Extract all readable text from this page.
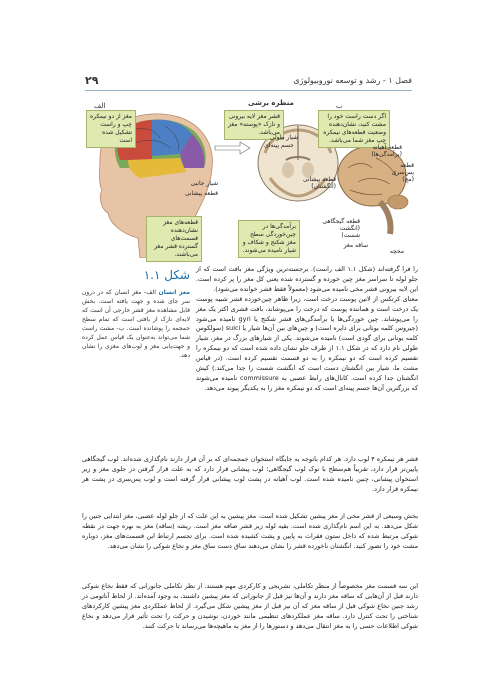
فصل ۱ - رشد و توسعه نوروبیولوژی
۲۹
الف	ب
مغز از دو نیمکره چپ و راست تشکیل شده است
قطعه‌های مغز نشان‌دهنده قسمت‌های گسترده قشر مغز می‌باشند.
شیار جانبی
قطعه پیشانی
منظره برشی
قشر مغز لایه بیرونی و نازک «پوسته» مغز می‌باشد.
برآمدگی‌ها در چین‌خوردگی سطح مغز شکنج و شکاف و شیار نامیده می‌شوند.
جسم پینه‌ای
شیار طولی
اگر دست راست خود را مشت کنید، نشان‌دهنده وضعیت قطعه‌های نیمکره چپ مغز شما می‌باشد.
قطعه آهیانه (برآمدگی‌ها)
قطعه پیشانی (انگشتان)
قطعه پس‌سری (مچ)
قطعه گیجگاهی (انگشت شست)
ساقه مغز
مخچه
شکل ۱.۱
مغز انسان الف- مغز انسان که در درون سر جای شده و جهت یافته است. بخش قابل مشاهده مغز قشر خارجی آن است که لایه‌ای نازک از بافتی است که تمام سطح جمجمه را پوشانده است. ب- مشت راست شما می‌تواند به‌عنوان یک قیاس عمل کرده و جهت‌یابی مغز و لوب‌های مغزی را نشان دهد.

را فرا گرفته‌اند (شکل ۱.۱ الف راست). برجسته‌ترین ویژگی مغز بافت است که از جلو لوله تا سراسر مغز چین خورده و گسترده شده یعنی کل مغز را پر کرده است. این لایه بیرونی قشر مخی نامیده می‌شود (معمولاً فقط قشر خوانده می‌شود).

معنای کرتکس از لاتین پوست درخت است، زیرا ظاهر چین‌خورده قشر شبیه پوست یک درخت است و هماننده پوست که درخت را می‌پوشاند، بافت قشری اکثر یک مغز را می‌پوشاند. چین خوردگی‌ها یا برآمدگی‌های قشر شکنج یا gyri نامیده می‌شود (جیروس کلمه یونانی برای دایره است) و چین‌های بین آن‌ها شیار یا sulci (سولکوس کلمه یونانی برای گودی است) نامیده می‌شوند. یکی از شیارهای بزرگ در مغز، شیار طولی نام دارد که در شکل ۱.۱ از طرف جلو نشان داده شده است که دو نیمکره را تقسیم کرده است که دو نیمکره را به دو قسمت تقسیم کرده است. (در قیاس مشت ما، شیار بین انگشتان دست است که انگشت شست را جدا می‌کند.) کیش انگشتان جدا کرده است. کانال‌های رابط عصبی به commissure نامیده می‌شوند که بزرگترین آن‌ها جسم پینه‌ای است که دو نیمکره مغز را به یکدیگر پیوند می‌دهد.

قشر هر نیمکره ۴ لوب دارد. هر کدام باتوجه به جایگاه استخوان جمجمه‌ای که بر آن قرار دارند نام‌گذاری شده‌اند. لوب گیجگاهی پایین‌تر قرار دارد، تقریباً هم‌سطح با نوک لوب گیجگاهی؛ لوب پیشانی قرار دارد که به علت قرار گرفتن در جلوی مغز و زیر استخوان پیشانی، چنین نامیده شده است. لوب آهیانه در پشت لوب پیشانی قرار گرفته است و لوب پس‌سری در پشت هر نیمکره قرار دارد.

بخش وسیعی از قشر مخی از مغز پیشین تشکیل شده است. مغز پیشین به این علت که از جلو لوله عصبی، مغز ابتدایی جنین را شکل می‌دهد. به این اسم نام‌گذاری شده است. بقیه لوله زیر قشر صافه مغز است. ریشه (ساقه) مغز به نهره جهت در نقطه شوکی مرتبط شده که داخل ستون فقرات به پایین و پشت کشیده شده است. برای تجسم ارتباط این قسمت‌های مغز، دوباره مشت خود را تصور کنید. انگشتان ناخورده قشر را نشان می‌دهند ساق دست ساق مغز و نخاع شوکی را نشان می‌دهد.

این سه قسمت مغز مخصوصاً از منظر تکاملی، تشریحی و کارکردی مهم هستند. از نظر تکاملی جانورانی که فقط نخاع شوکی دارند قبل از آن‌هایی که ساقه مغز دارند و آن‌ها نیز قبل از جانورانی که مغز پیشین داشتند، به وجود آمده‌اند. از لحاظ آناتومی در رشد جنین نخاع شوکی قبل از ساقه مغز که آن نیز قبل از مغز پیشین شکل می‌گیرد. از لحاظ عملکردی مغز پیشین کارکردهای شناختی را تحت کنترل دارد. ساقه مغز عملکردهای تنظیمی مانند خوردن، نوشیدن و حرکت را تحت تأثیر قرار می‌دهد و نخاع شوکی اطلاعات حسی را به مغز انتقال می‌دهد و دستورها را از مغز به ماهیچه‌ها می‌رساند تا حرکت کنند.
